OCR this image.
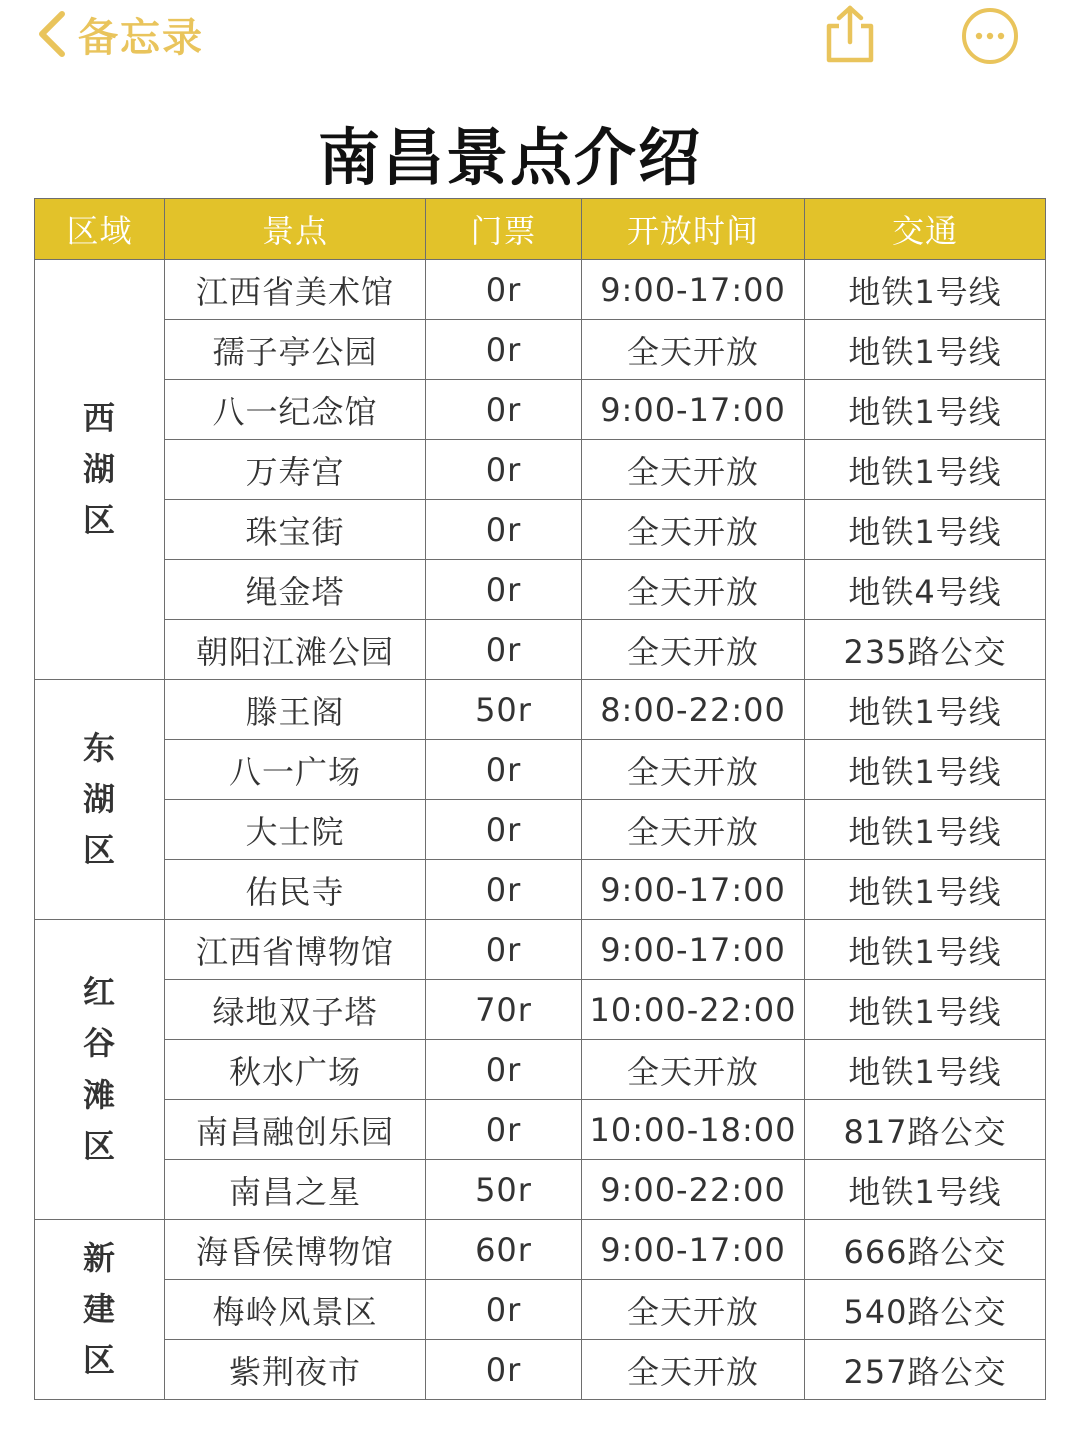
备忘录
南昌景点介绍
区域	景点	门票	开放时间	交通

西湖区	江西省美术馆	0r	9:00-17:00	地铁1号线
	孺子亭公园	0r	全天开放	地铁1号线
	八一纪念馆	0r	9:00-17:00	地铁1号线
	万寿宫	0r	全天开放	地铁1号线
	珠宝街	0r	全天开放	地铁1号线
	绳金塔	0r	全天开放	地铁4号线
	朝阳江滩公园	0r	全天开放	235路公交

东湖区	滕王阁	50r	8:00-22:00	地铁1号线
	八一广场	0r	全天开放	地铁1号线
	大士院	0r	全天开放	地铁1号线
	佑民寺	0r	9:00-17:00	地铁1号线

红谷滩区	江西省博物馆	0r	9:00-17:00	地铁1号线
	绿地双子塔	70r	10:00-22:00	地铁1号线
	秋水广场	0r	全天开放	地铁1号线
	南昌融创乐园	0r	10:00-18:00	817路公交
	南昌之星	50r	9:00-22:00	地铁1号线

新建区	海昏侯博物馆	60r	9:00-17:00	666路公交
	梅岭风景区	0r	全天开放	540路公交
	紫荆夜市	0r	全天开放	257路公交
